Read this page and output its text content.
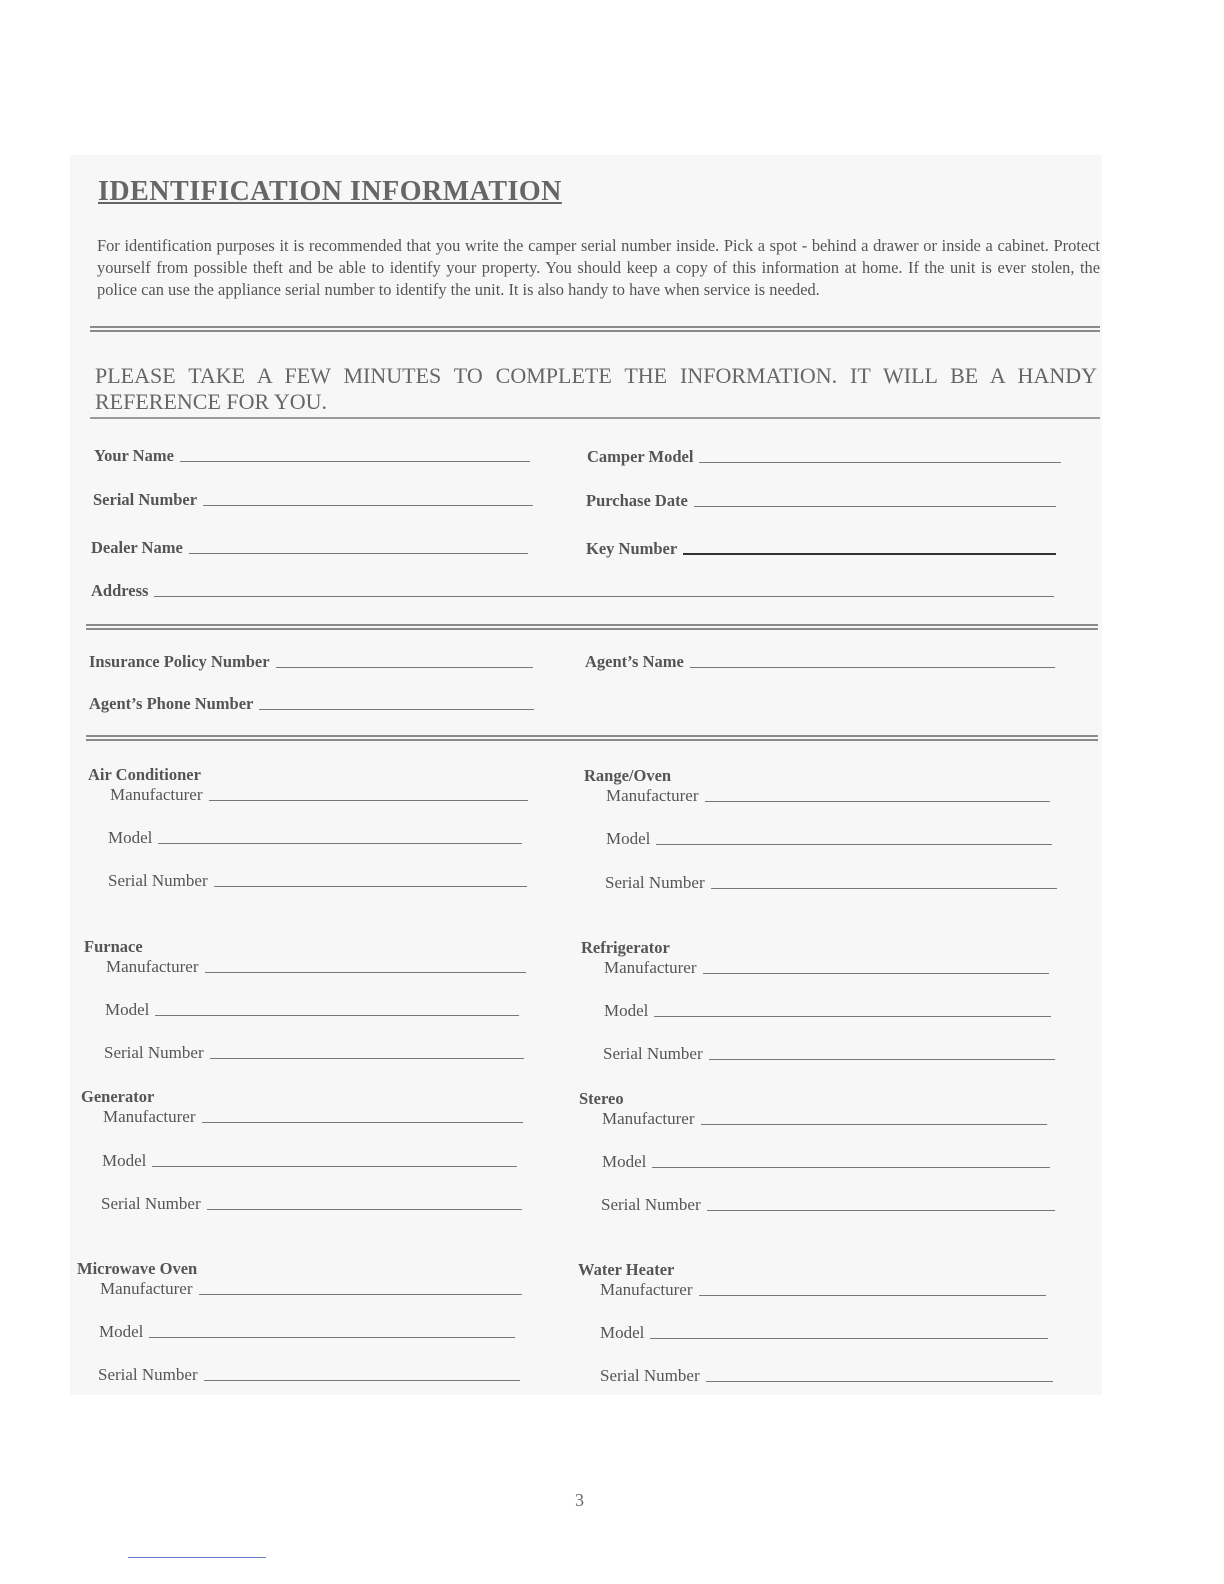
IDENTIFICATION INFORMATION
For identification purposes it is recommended that you write the camper serial number inside. Pick a spot - behind a drawer or inside a cabinet. Protect yourself from possible theft and be able to identify your property. You should keep a copy of this information at home. If the unit is ever stolen, the police can use the appliance serial number to identify the unit. It is also handy to have when service is needed.
PLEASE TAKE A FEW MINUTES TO COMPLETE THE INFORMATION. IT WILL BE A HANDY REFERENCE FOR YOU.
Your Name	Camper Model
Serial Number	Purchase Date
Dealer Name	Key Number
Address
Insurance Policy Number	Agent’s Name
Agent’s Phone Number
Air Conditioner
Manufacturer
Model
Serial Number
Range/Oven
Manufacturer
Model
Serial Number
Furnace
Manufacturer
Model
Serial Number
Refrigerator
Manufacturer
Model
Serial Number
Generator
Manufacturer
Model
Serial Number
Stereo
Manufacturer
Model
Serial Number
Microwave Oven
Manufacturer
Model
Serial Number
Water Heater
Manufacturer
Model
Serial Number
3
